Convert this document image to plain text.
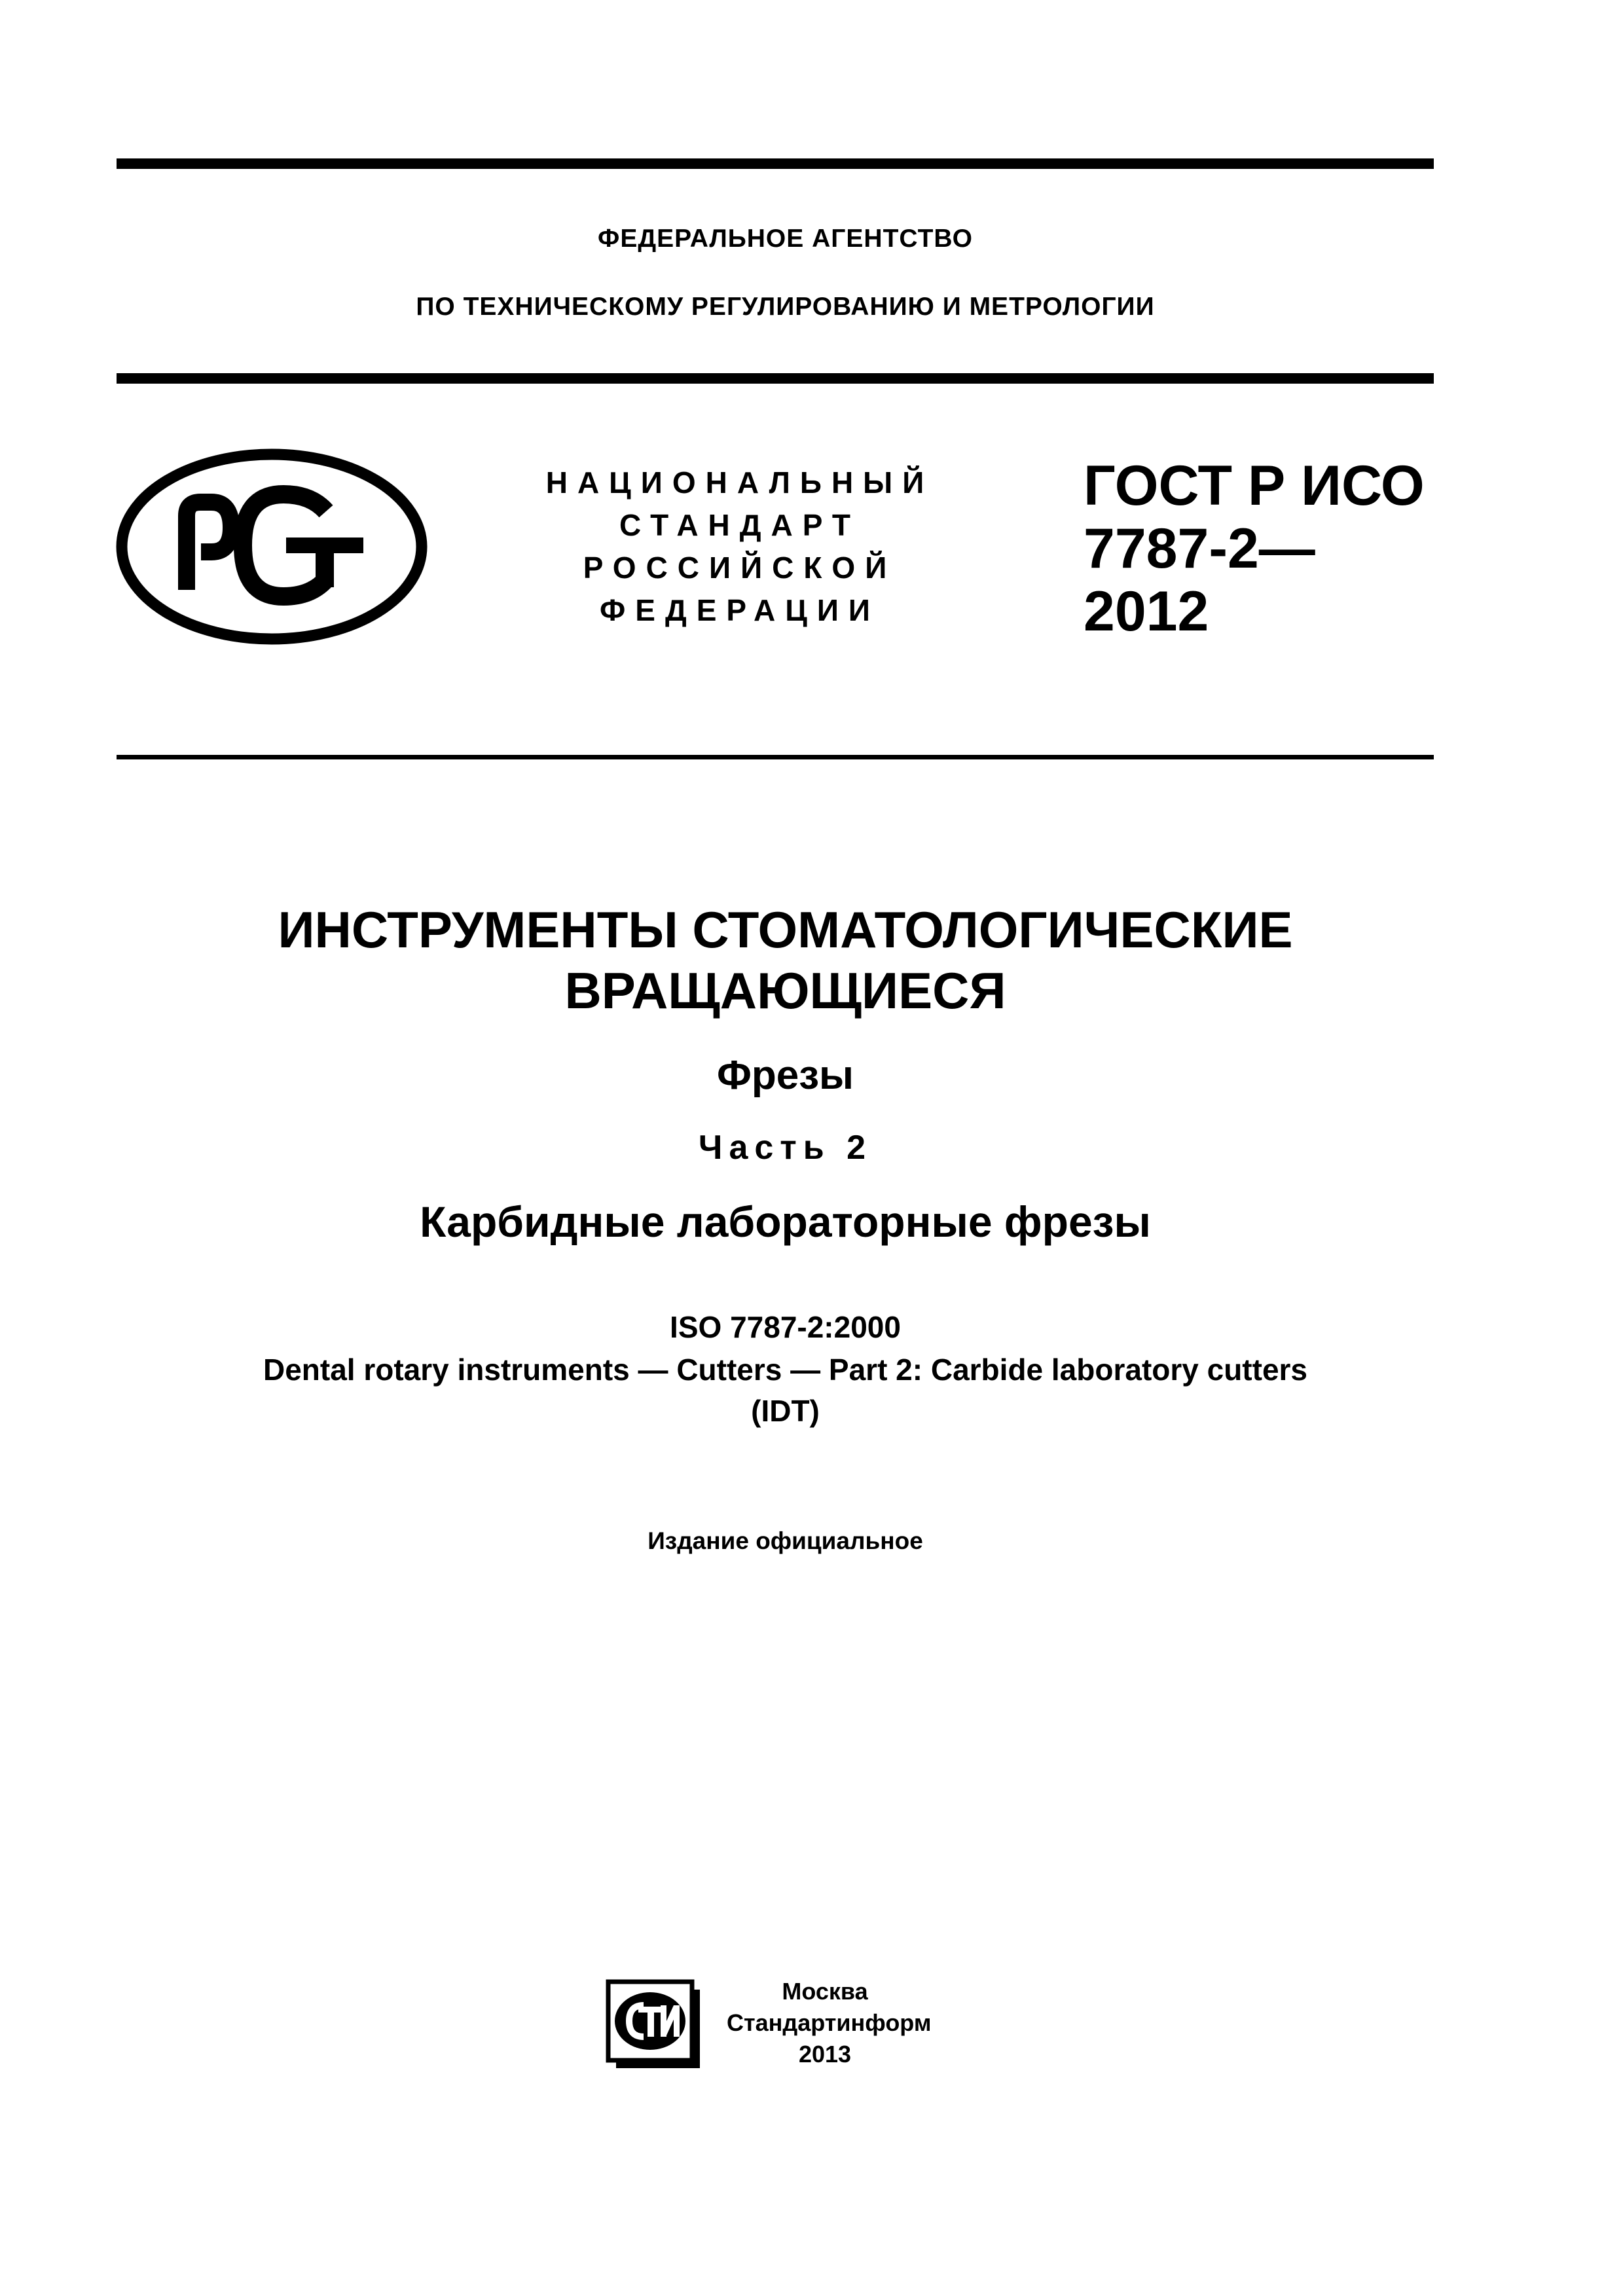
ФЕДЕРАЛЬНОЕ АГЕНТСТВО
ПО ТЕХНИЧЕСКОМУ РЕГУЛИРОВАНИЮ И МЕТРОЛОГИИ
НАЦИОНАЛЬНЫЙ
СТАНДАРТ
РОССИЙСКОЙ
ФЕДЕРАЦИИ
ГОСТ Р ИСО
7787-2—
2012
ИНСТРУМЕНТЫ СТОМАТОЛОГИЧЕСКИЕ
ВРАЩАЮЩИЕСЯ
Фрезы
Часть 2
Карбидные лабораторные фрезы
ISO 7787-2:2000
Dental rotary instruments — Cutters — Part 2: Carbide laboratory cutters
(IDT)
Издание официальное
Москва
Стандартинформ
2013
